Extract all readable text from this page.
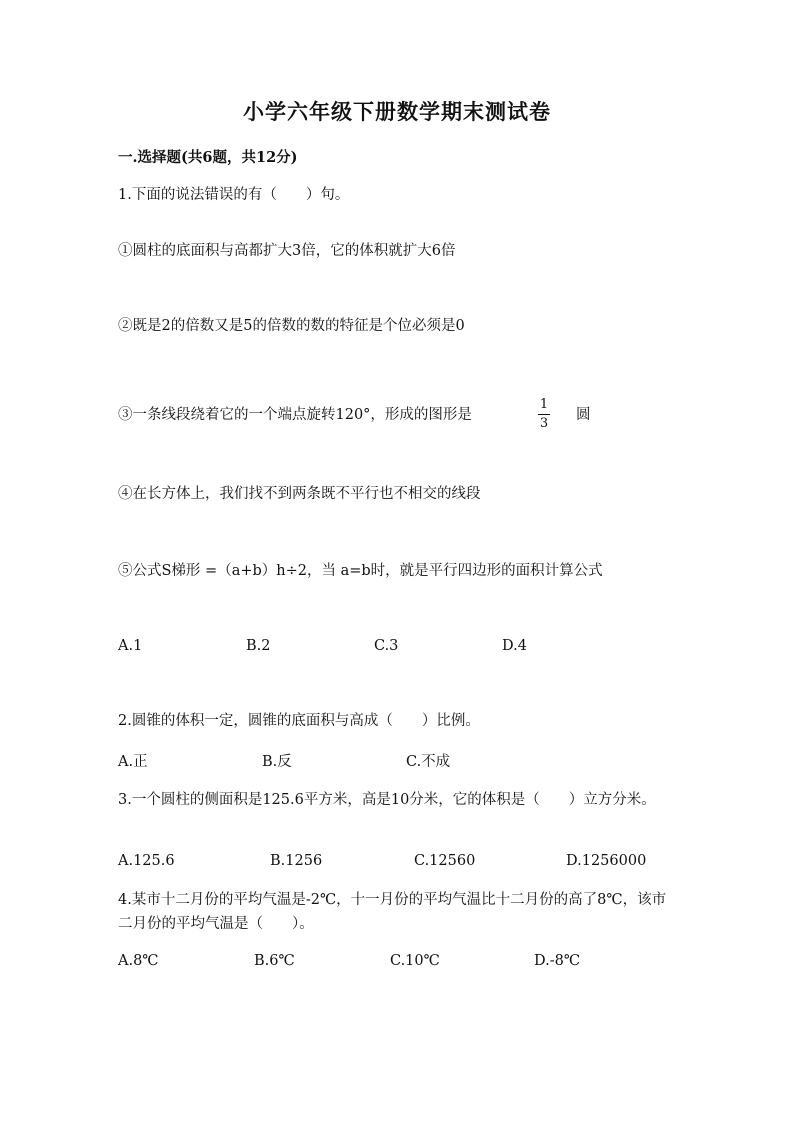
小学六年级下册数学期末测试卷
一.选择题(共6题，共12分)
1.下面的说法错误的有（　　）句。
①圆柱的底面积与高都扩大3倍，它的体积就扩大6倍
②既是2的倍数又是5的倍数的数的特征是个位必须是0
③一条线段绕着它的一个端点旋转120°，形成的图形是
1
3
圆
④在长方体上，我们找不到两条既不平行也不相交的线段
⑤公式S梯形 =（a+b）h÷2，当 a=b时，就是平行四边形的面积计算公式
A.1	B.2	C.3	D.4
2.圆锥的体积一定，圆锥的底面积与高成（　　）比例。
A.正	B.反	C.不成
3.一个圆柱的侧面积是125.6平方米，高是10分米，它的体积是（　　）立方分米。
A.125.6	B.1256	C.12560	D.1256000
4.某市十二月份的平均气温是-2℃，十一月份的平均气温比十二月份的高了8℃，该市二月份的平均气温是（　　）。
A.8℃	B.6℃	C.10℃	D.-8℃
